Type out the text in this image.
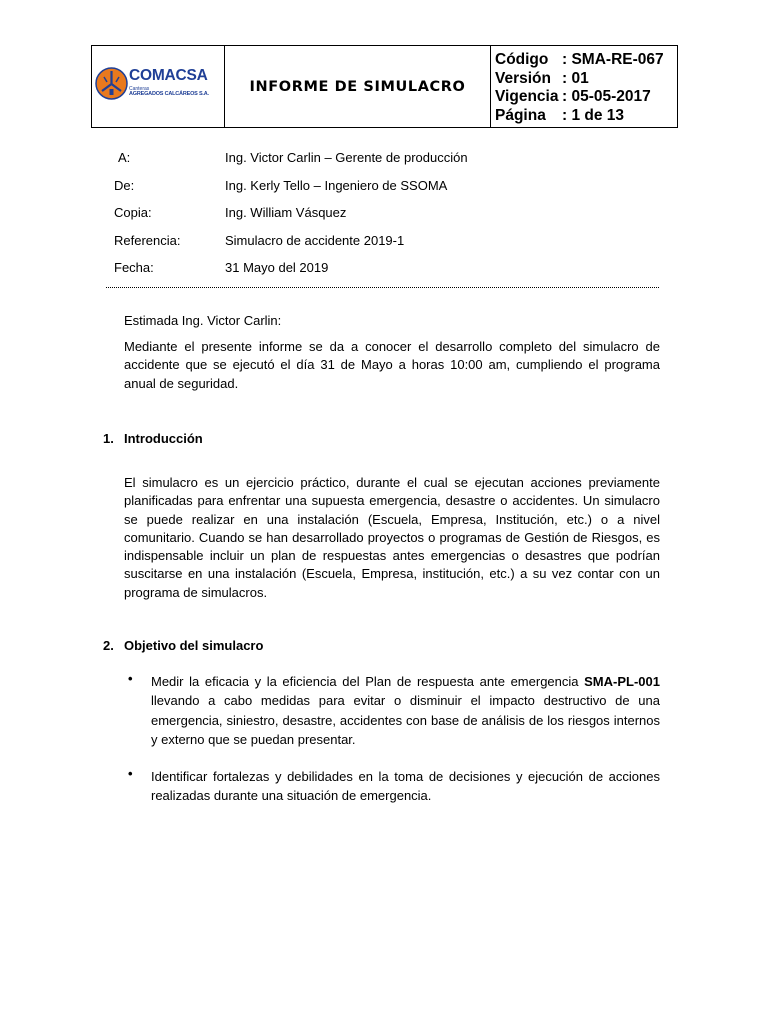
COMACSA
Canteras
AGREGADOS CALCÁREOS S.A.	INFORME DE SIMULACRO
Código : SMA-RE-067
Versión : 01
Vigencia : 05-05-2017
Página	: 1 de 13
A:	Ing. Victor Carlin – Gerente de producción
De:	Ing. Kerly Tello – Ingeniero de SSOMA
Copia:	Ing. William Vásquez
Referencia:	Simulacro de accidente 2019-1
Fecha:	31 Mayo del 2019
Estimada Ing. Victor Carlin:
Mediante el presente informe se da a conocer el desarrollo completo del simulacro de accidente que se ejecutó el día 31 de Mayo a horas 10:00 am, cumpliendo el programa anual de seguridad.
1. Introducción
El simulacro es un ejercicio práctico, durante el cual se ejecutan acciones previamente planificadas para enfrentar una supuesta emergencia, desastre o accidentes. Un simulacro se puede realizar en una instalación (Escuela, Empresa, Institución, etc.) o a nivel comunitario. Cuando se han desarrollado proyectos o programas de Gestión de Riesgos, es indispensable incluir un plan de respuestas antes emergencias o desastres que podrían suscitarse en una instalación (Escuela, Empresa, institución, etc.) a su vez contar con un programa de simulacros.
2. Objetivo del simulacro
• Medir la eficacia y la eficiencia del Plan de respuesta ante emergencia SMA-PL-001 llevando a cabo medidas para evitar o disminuir el impacto destructivo de una emergencia, siniestro, desastre, accidentes con base de análisis de los riesgos internos y externo que se puedan presentar.
• Identificar fortalezas y debilidades en la toma de decisiones y ejecución de acciones realizadas durante una situación de emergencia.
